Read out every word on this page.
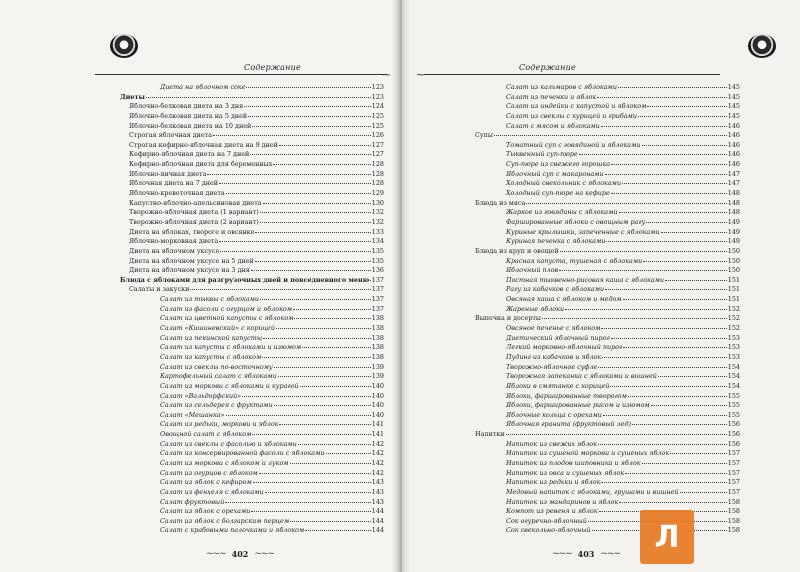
Содержание
~
Диета на яблочном соке	123
Диеты	123
Яблочно-белковая диета на 3 дня	124
Яблочно-белковая диета на 5 дней	125
Яблочно-белковая диета на 10 дней	125
Строгая яблочная диета	126
Строгая кефирно-яблочная диета на 9 дней	127
Кефирно-яблочная диета на 7 дней	127
Кефирно-яблочная диета для беременных	128
Яблочно-яичная диета	128
Яблочная диета на 7 дней	128
Яблочно-креветочная диета	129
Капустно-яблочно-апельсиновая диета	130
Творожно-яблочная диета (1 вариант)	132
Творожно-яблочная диета (2 вариант)	132
Диета на яблоках, твороге и овсянке	133
Яблочно-морковная диета	134
Диета на яблочном уксусе	135
Диета на яблочном уксусе на 5 дней	135
Диета на яблочном уксусе на 3 дня	136
Блюда с яблоками для разгрузочных дней и повседневного меню 137
Салаты и закуски	137
Салат из тыквы с яблоками	137
Салат из фасоли с огурцом и яблоком	137
Салат из цветной капусты с яблоком	138
Салат «Кишиневский» с корицей	138
Салат из пекинской капусты	138
Салат из капусты с яблоками и изюмом	138
Салат из капусты с яблоком	138
Салат из свеклы по-восточному	139
Картофельный салат с яблоками	139
Салат из моркови с яблоками и курагой	140
Салат «Вальдорфский»	140
Салат из сельдерея с фруктами	140
Салат «Мешанка»	140
Салат из редьки, моркови и яблок	141
Овощной салат с яблоком	141
Салат из свеклы с фасолью и яблоками	142
Салат из консервированной фасоли с яблоками	142
Салат из моркови с яблоком и луком	142
Салат из огурцов с яблоком	142
Салат из яблок с кефиром	143
Салат из фенхеля с яблоками	143
Салат фруктовый	143
Салат из яблок с орехами	144
Салат из яблок с болгарским перцем	144
Салат с крабовыми палочками и яблоком	144
~~~ 402 ~~~
Содержание
~
Салат из кальмаров с яблоками	145
Салат из печенки и яблок	145
Салат из индейки с капустой и яблоком	145
Салат из свеклы с курицей и грибами	145
Салат с мясом и яблоками	146
Супы	146
Томатный суп с говядиной и яблоками	146
Тыквенный суп-пюре	146
Суп-пюре из свежего горошка	146
Яблочный суп с макаронами	147
Холодный свекольник с яблоками	147
Холодный суп-пюре на кефире	148
Блюда из мяса	148
Жаркое из говядины с яблоками	148
Фаршированные яблоки с овощным рагу	149
Куриные крылышки, запеченные с яблоками	149
Куриная печенка с яблоками	149
Блюда из круп и овощей	150
Красная капуста, тушеная с яблоками	150
Яблочный плов	150
Постная тыквенно-рисовая каша с яблоками	151
Рагу из кабачков с яблоками	151
Овсяная каша с яблоком и медом	151
Жареные яблоки	152
Выпечка и десерты	152
Овсяное печенье с яблоком	152
Диетический яблочный пирог	153
Легкий морковно-яблочный пирог	153
Пудинг из кабачков и яблок	153
Творожно-яблочное суфле	154
Творожная запеканка с яблоками и вишней	154
Яблоки в смятанке с корицей	154
Яблоки, фаршированные творогом	155
Яблоки, фаршированные рисом и изюмом	155
Яблочные кольца с орехами	155
Яблочная гранита (фруктовый лед)	156
Напитки	156
Напиток из свежих яблок	156
Напиток из сушеной моркови и сушеных яблок	157
Напиток из плодов шиповника и яблок	157
Напиток из овса и сушеных яблок	157
Напиток из редьки и яблок	157
Медовый напиток с яблоками, грушами и вишней	157
Напиток из мандаринов и яблок	158
Компот из ревеня и яблок	158
Сок огуречно-яблочный	158
Сок свекольно-яблочный	158
~~~ 403 ~~~ Л
